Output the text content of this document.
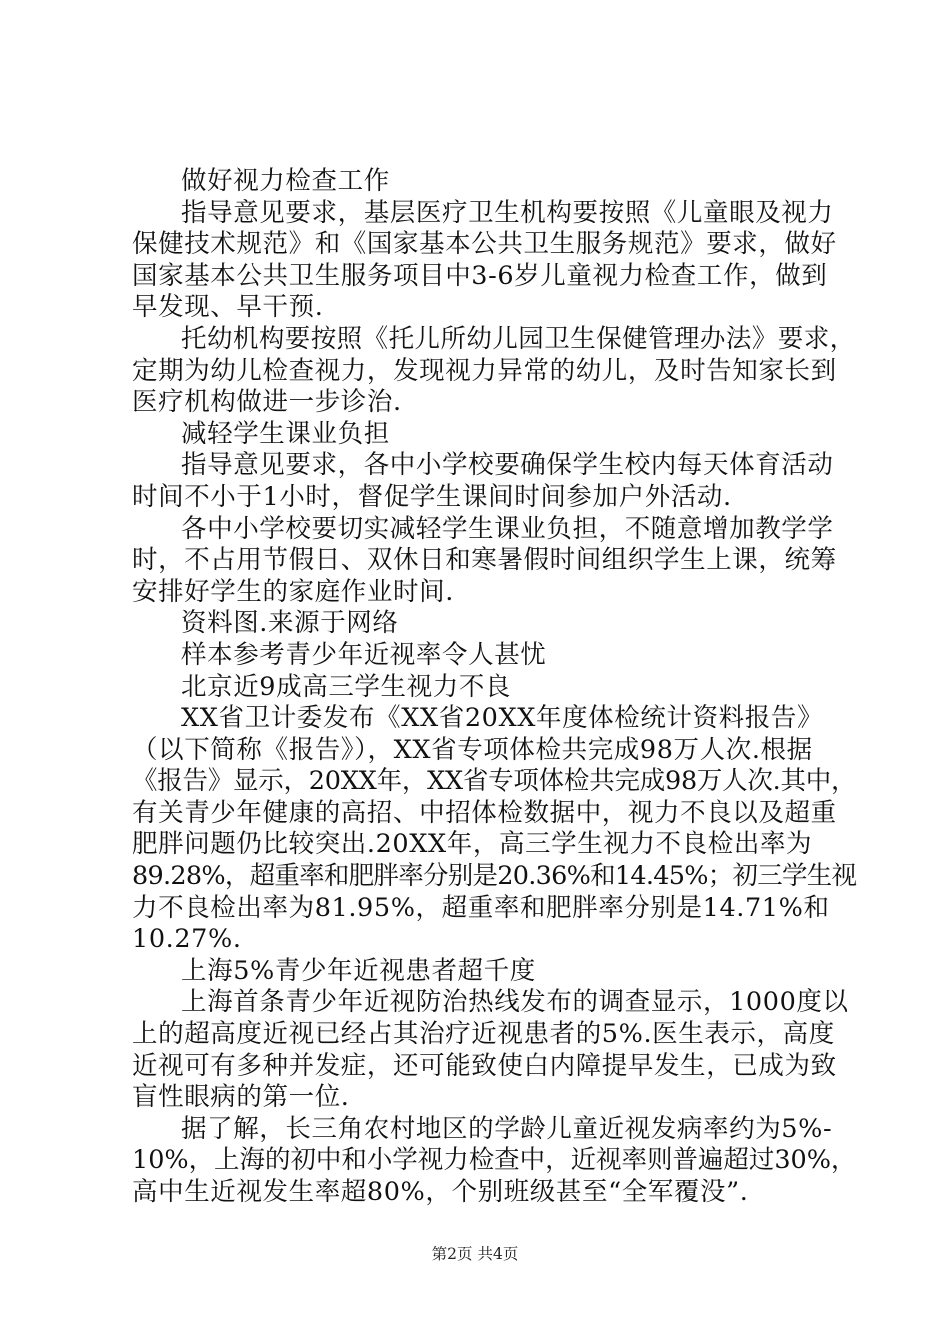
做好视力检查工作
指导意见要求，基层医疗卫生机构要按照《儿童眼及视力
保健技术规范》和《国家基本公共卫生服务规范》要求，做好
国家基本公共卫生服务项目中3-6岁儿童视力检查工作，做到
早发现、早干预.
托幼机构要按照《托儿所幼儿园卫生保健管理办法》要求，
定期为幼儿检查视力，发现视力异常的幼儿，及时告知家长到
医疗机构做进一步诊治.
减轻学生课业负担
指导意见要求，各中小学校要确保学生校内每天体育活动
时间不小于1小时，督促学生课间时间参加户外活动.
各中小学校要切实减轻学生课业负担，不随意增加教学学
时，不占用节假日、双休日和寒暑假时间组织学生上课，统筹
安排好学生的家庭作业时间.
资料图.来源于网络
样本参考青少年近视率令人甚忧
北京近9成高三学生视力不良
XX省卫计委发布《XX省20XX年度体检统计资料报告》
（以下简称《报告》），XX省专项体检共完成98万人次.根据
《报告》显示，20XX年，XX省专项体检共完成98万人次.其中，
有关青少年健康的高招、中招体检数据中，视力不良以及超重
肥胖问题仍比较突出.20XX年，高三学生视力不良检出率为
89.28%，超重率和肥胖率分别是20.36%和14.45%；初三学生视
力不良检出率为81.95%，超重率和肥胖率分别是14.71%和
10.27%.
上海5%青少年近视患者超千度
上海首条青少年近视防治热线发布的调查显示，1000度以
上的超高度近视已经占其治疗近视患者的5%.医生表示，高度
近视可有多种并发症，还可能致使白内障提早发生，已成为致
盲性眼病的第一位.
据了解，长三角农村地区的学龄儿童近视发病率约为5%-
10%，上海的初中和小学视力检查中，近视率则普遍超过30%，
高中生近视发生率超80%，个别班级甚至“全军覆没”.
第2页 共4页
